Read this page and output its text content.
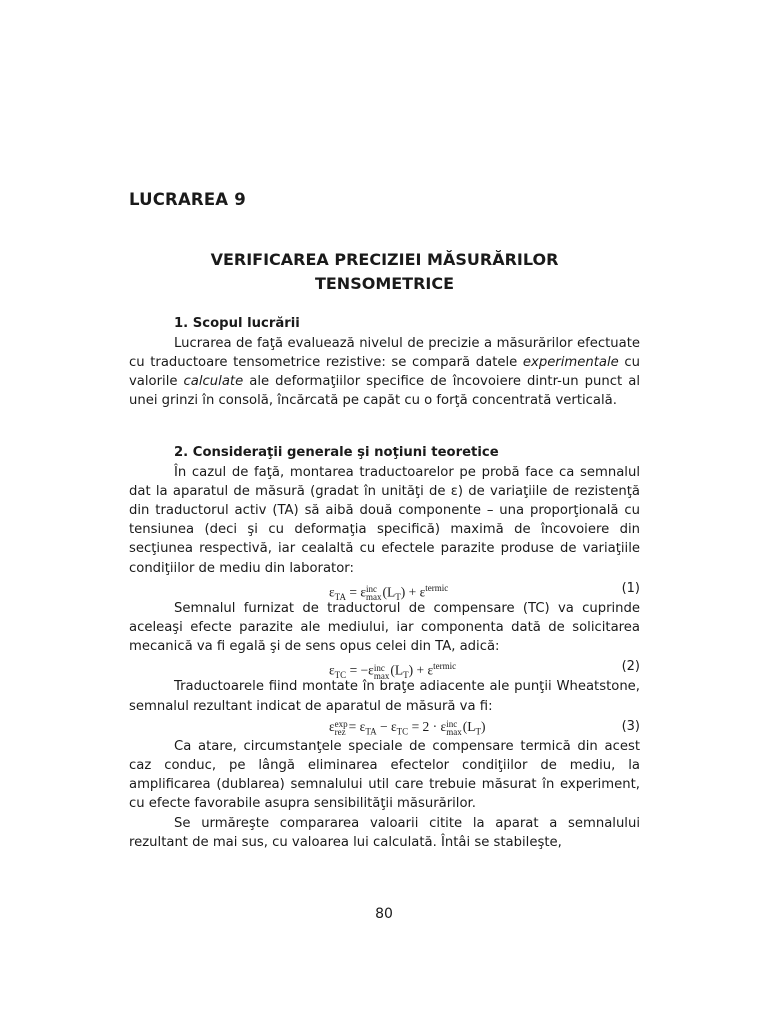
LUCRAREA 9
VERIFICAREA PRECIZIEI MĂSURĂRILOR
TENSOMETRICE
1. Scopul lucrării

Lucrarea de faţă evaluează nivelul de precizie a măsurărilor efectuate cu traductoare tensometrice rezistive: se compară datele experimentale cu valorile calculate ale deformaţiilor specifice de încovoiere dintr-un punct al unei grinzi în consolă, încărcată pe capăt cu o forţă concentrată verticală.

2. Consideraţii generale şi noţiuni teoretice

În cazul de faţă, montarea traductoarelor pe probă face ca semnalul dat la aparatul de măsură (gradat în unităţi de ε) de variaţiile de rezistenţă din traductorul activ (TA) să aibă două componente – una proporţională cu tensiunea (deci şi cu deformaţia specifică) maximă de încovoiere din secţiunea respectivă, iar cealaltă cu efectele parazite produse de variaţiile condiţiilor de mediu din laborator:

$\varepsilon_{TA} = \varepsilon$ inc
$\max (L_T) + \varepsilon^{termic}$	(1)

Semnalul furnizat de traductorul de compensare (TC) va cuprinde aceleaşi efecte parazite ale mediului, iar componenta dată de solicitarea mecanică va fi egală şi de sens opus celei din TA, adică:

$\varepsilon_{TC} = -\varepsilon$ inc
$\max (L_T) + \varepsilon^{termic}$	(2)

Traductoarele fiind montate în braţe adiacente ale punţii Wheatstone, semnalul rezultant indicat de aparatul de măsură va fi:

ε exp
rez = $\varepsilon_{TA} - \varepsilon_{TC} = 2 \cdot \varepsilon$ inc
$\max (L_T)$	(3)

Ca atare, circumstanţele speciale de compensare termică din acest caz conduc, pe lângă eliminarea efectelor condiţiilor de mediu, la amplificarea (dublarea) semnalului util care trebuie măsurat în experiment, cu efecte favorabile asupra sensibilităţii măsurărilor.

Se urmăreşte compararea valoarii citite la aparat a semnalului rezultant de mai sus, cu valoarea lui calculată. Întâi se stabileşte,

80
